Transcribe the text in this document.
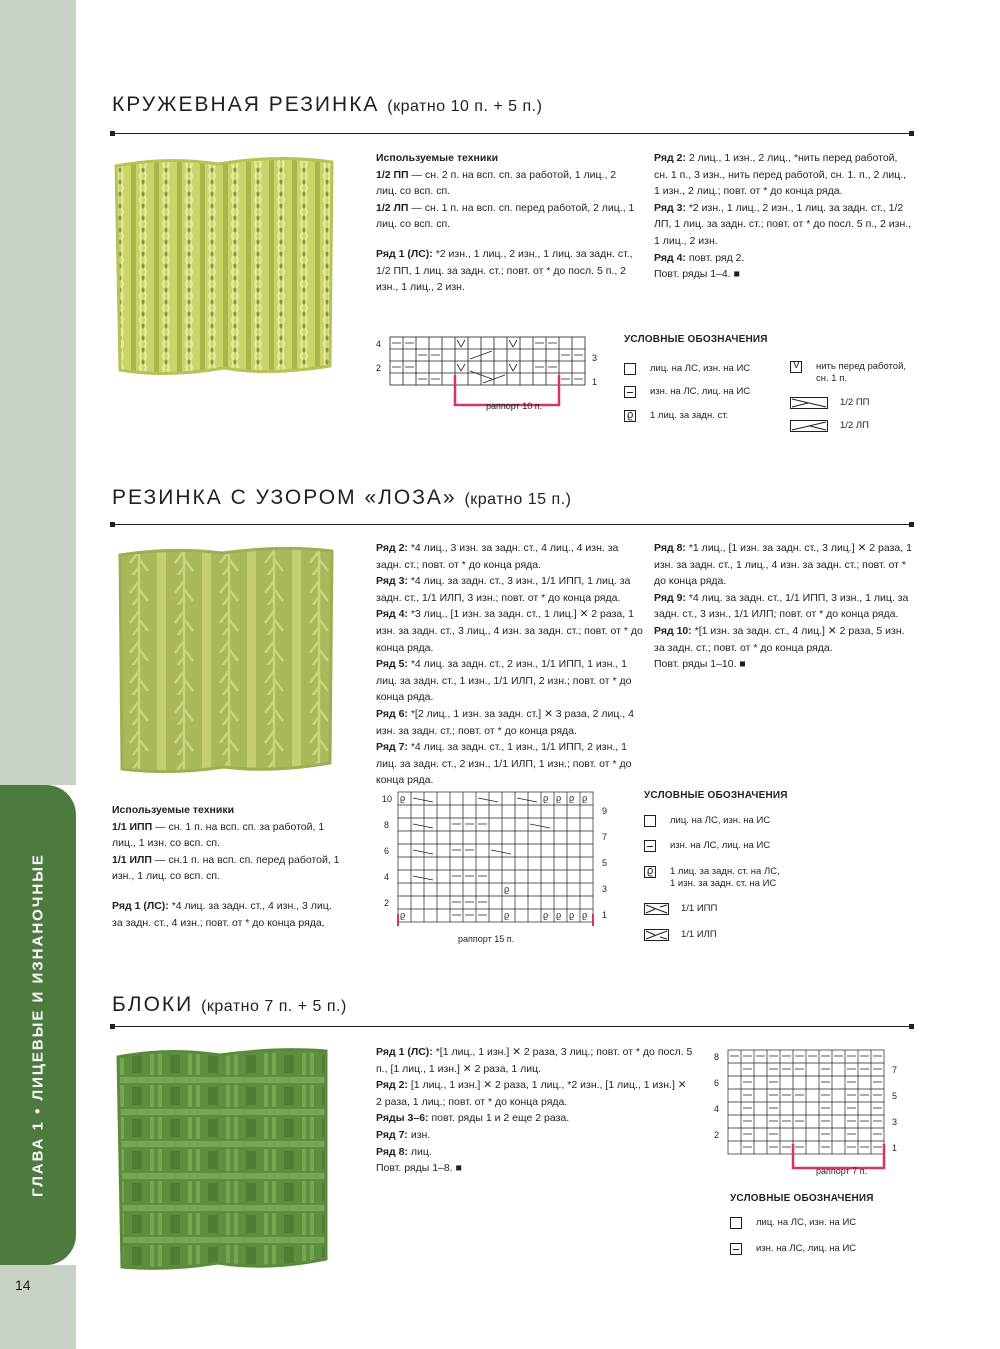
ГЛАВА 1 • ЛИЦЕВЫЕ И ИЗНАНОЧНЫЕ
14
КРУЖЕВНАЯ РЕЗИНКА (кратно 10 п. + 5 п.)

Используемые техники

1/2 ПП — сн. 2 п. на всп. сп. за работой, 1 лиц., 2 лиц. со всп. сп.

1/2 ЛП — сн. 1 п. на всп. сп. перед работой, 2 лиц., 1 лиц. со всп. сп.

Ряд 1 (ЛС): *2 изн., 1 лиц., 2 изн., 1 лиц. за задн. ст., 1/2 ПП, 1 лиц. за задн. ст.; повт. от * до посл. 5 п., 2 изн., 1 лиц., 2 изн.

Ряд 2: 2 лиц., 1 изн., 2 лиц., *нить перед работой, сн. 1 п., 3 изн., нить перед работой, сн. 1. п., 2 лиц., 1 изн., 2 лиц.; повт. от * до конца ряда.

Ряд 3: *2 изн., 1 лиц., 2 изн., 1 лиц. за задн. ст., 1/2 ЛП, 1 лиц. за задн. ст.; повт. от * до посл. 5 п., 2 изн., 1 лиц., 2 изн.

Ряд 4: повт. ряд 2.

Повт. ряды 1–4. ■

4
2
3
1
раппорт 10 п.
УСЛОВНЫЕ ОБОЗНАЧЕНИЯ
лиц. на ЛС, изн. на ИС
изн. на ЛС, лиц. на ИС
ϱ
1 лиц. за задн. ст.
V
нить перед работой, сн. 1 п.
1/2 ПП
1/2 ЛП
РЕЗИНКА С УЗОРОМ «ЛОЗА» (кратно 15 п.)

Ряд 2: *4 лиц., 3 изн. за задн. ст., 4 лиц., 4 изн. за задн. ст.; повт. от * до конца ряда.

Ряд 3: *4 лиц. за задн. ст., 3 изн., 1/1 ИПП, 1 лиц. за задн. ст., 1/1 ИЛП, 3 изн.; повт. от * до конца ряда.

Ряд 4: *3 лиц., [1 изн. за задн. ст., 1 лиц.] ✕ 2 раза, 1 изн. за задн. ст., 3 лиц., 4 изн. за задн. ст.; повт. от * до конца ряда.

Ряд 5: *4 лиц. за задн. ст., 2 изн., 1/1 ИПП, 1 изн., 1 лиц. за задн. ст., 1 изн., 1/1 ИЛП, 2 изн.; повт. от * до конца ряда.

Ряд 6: *[2 лиц., 1 изн. за задн. ст.] ✕ 3 раза, 2 лиц., 4 изн. за задн. ст.; повт. от * до конца ряда.

Ряд 7: *4 лиц. за задн. ст., 1 изн., 1/1 ИПП, 2 изн., 1 лиц. за задн. ст., 2 изн., 1/1 ИЛП, 1 изн.; повт. от * до конца ряда.

Ряд 8: *1 лиц., [1 изн. за задн. ст., 3 лиц.] ✕ 2 раза, 1 изн. за задн. ст., 1 лиц., 4 изн. за задн. ст.; повт. от * до конца ряда.

Ряд 9: *4 лиц. за задн. ст., 1/1 ИПП, 3 изн., 1 лиц. за задн. ст., 3 изн., 1/1 ИЛП; повт. от * до конца ряда.

Ряд 10: *[1 изн. за задн. ст., 4 лиц.] ✕ 2 раза, 5 изн. за задн. ст.; повт. от * до конца ряда.

Повт. ряды 1–10. ■

Используемые техники

1/1 ИПП — сн. 1 п. на всп. сп. за работой, 1 лиц., 1 изн. со всп. сп.

1/1 ИЛП — сн.1 п. на всп. сп. перед работой, 1 изн., 1 лиц. со всп. сп.

Ряд 1 (ЛС): *4 лиц. за задн. ст., 4 изн., 3 лиц. за задн. ст., 4 изн.; повт. от * до конца ряда,

ϱ ϱ ϱ ϱ
ϱ ϱ ϱ ϱ
ϱ
ϱ	ϱ
ϱ
10
8
6
4
2
9
7
5
3
1
раппорт 15 п.
УСЛОВНЫЕ ОБОЗНАЧЕНИЯ
лиц. на ЛС, изн. на ИС
изн. на ЛС, лиц. на ИС
ϱ
1 лиц. за задн. ст. на ЛС,
1 изн. за задн. ст. на ИС
1/1 ИПП
1/1 ИЛП
БЛОКИ (кратно 7 п. + 5 п.)

Ряд 1 (ЛС): *[1 лиц., 1 изн.] ✕ 2 раза, 3 лиц.; повт. от * до посл. 5 п., [1 лиц., 1 изн.] ✕ 2 раза, 1 лиц.

Ряд 2: [1 лиц., 1 изн.] ✕ 2 раза, 1 лиц., *2 изн., [1 лиц., 1 изн.] ✕ 2 раза, 1 лиц.; повт. от * до конца ряда.

Ряды 3–6: повт. ряды 1 и 2 еще 2 раза.

Ряд 7: изн.

Ряд 8: лиц.

Повт. ряды 1–8. ■

8
6
4
2
7
5
3
1
раппорт 7 п.
УСЛОВНЫЕ ОБОЗНАЧЕНИЯ
лиц. на ЛС, изн. на ИС
изн. на ЛС, лиц. на ИС
